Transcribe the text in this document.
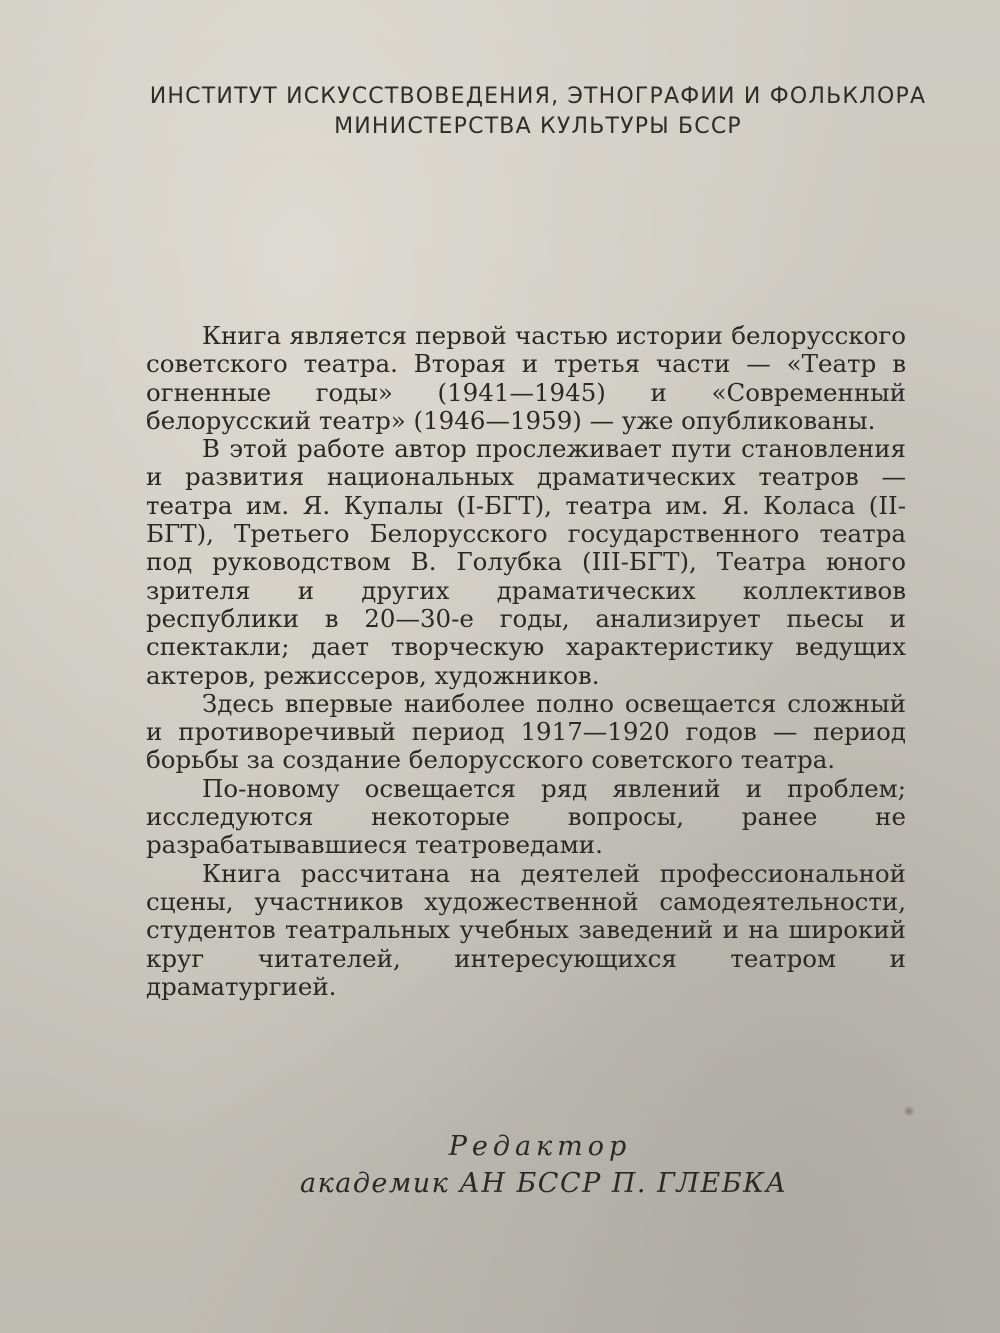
ИНСТИТУТ ИСКУССТВОВЕДЕНИЯ, ЭТНОГРАФИИ И ФОЛЬКЛОРА
МИНИСТЕРСТВА КУЛЬТУРЫ БССР

Книга является первой частью истории белорусского советского театра. Вторая и третья части — «Театр в огненные годы» (1941—1945) и «Современный белорусский театр» (1946—1959) — уже опубликованы.

В этой работе автор прослеживает пути становления и развития национальных драматических театров — театра им. Я. Купалы (I-БГТ), театра им. Я. Коласа (II-БГТ), Третьего Белорусского государственного театра под руководством В. Голубка (III-БГТ), Театра юного зрителя и других драматических коллективов республики в 20—30-е годы, анализирует пьесы и спектакли; дает творческую характеристику ведущих актеров, режиссеров, художников.

Здесь впервые наиболее полно освещается сложный и противоречивый период 1917—1920 годов — период борьбы за создание белорусского советского театра.

По-новому освещается ряд явлений и проблем; исследуются некоторые вопросы, ранее не разрабатывавшиеся театроведами.

Книга рассчитана на деятелей профессиональной сцены, участников художественной самодеятельности, студентов театральных учебных заведений и на широкий круг читателей, интересующихся театром и драматургией.

Редактор
академик АН БССР П. ГЛЕБКА
